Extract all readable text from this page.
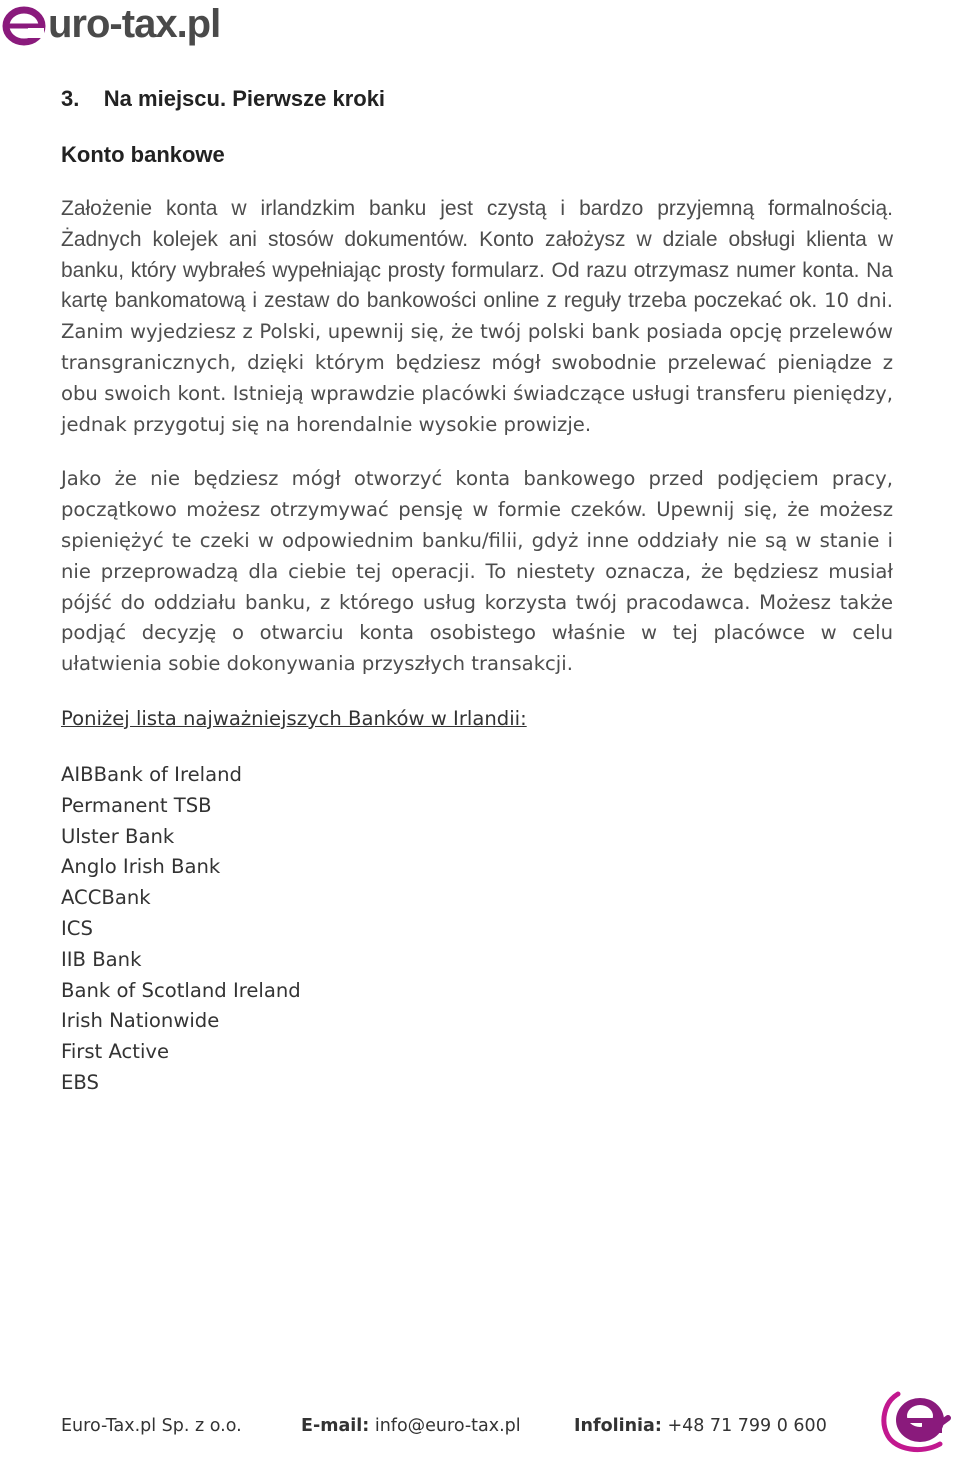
uro-tax.pl
3.    Na miejscu. Pierwsze kroki
Konto bankowe

Założenie konta w irlandzkim banku jest czystą i bardzo przyjemną formalnością. Żadnych kolejek ani stosów dokumentów. Konto założysz w dziale obsługi klienta w banku, który wybrałeś wypełniając prosty formularz. Od razu otrzymasz numer konta. Na kartę bankomatową i zestaw do bankowości online z reguły trzeba poczekać ok. 10 dni. Zanim wyjedziesz z Polski, upewnij się, że twój polski bank posiada opcję przelewów transgranicznych, dzięki którym będziesz mógł swobodnie przelewać pieniądze z obu swoich kont. Istnieją wprawdzie placówki świadczące usługi transferu pieniędzy, jednak przygotuj się na horendalnie wysokie prowizje.

Jako że nie będziesz mógł otworzyć konta bankowego przed podjęciem pracy, początkowo możesz otrzymywać pensję w formie czeków. Upewnij się, że możesz spieniężyć te czeki w odpowiednim banku/filii, gdyż inne oddziały nie są w stanie i nie przeprowadzą dla ciebie tej operacji. To niestety oznacza, że będziesz musiał pójść do oddziału banku, z którego usług korzysta twój pracodawca. Możesz także podjąć decyzję o otwarciu konta osobistego właśnie w tej placówce w celu ułatwienia sobie dokonywania przyszłych transakcji.

Poniżej lista najważniejszych Banków w Irlandii:
AIBBank of Ireland
Permanent TSB
Ulster Bank
Anglo Irish Bank
ACCBank
ICS
IIB Bank
Bank of Scotland Ireland
Irish Nationwide
First Active
EBS
Euro-Tax.pl Sp. z o.o.	E-mail: info@euro-tax.pl	Infolinia: +48 71 799 0 600
